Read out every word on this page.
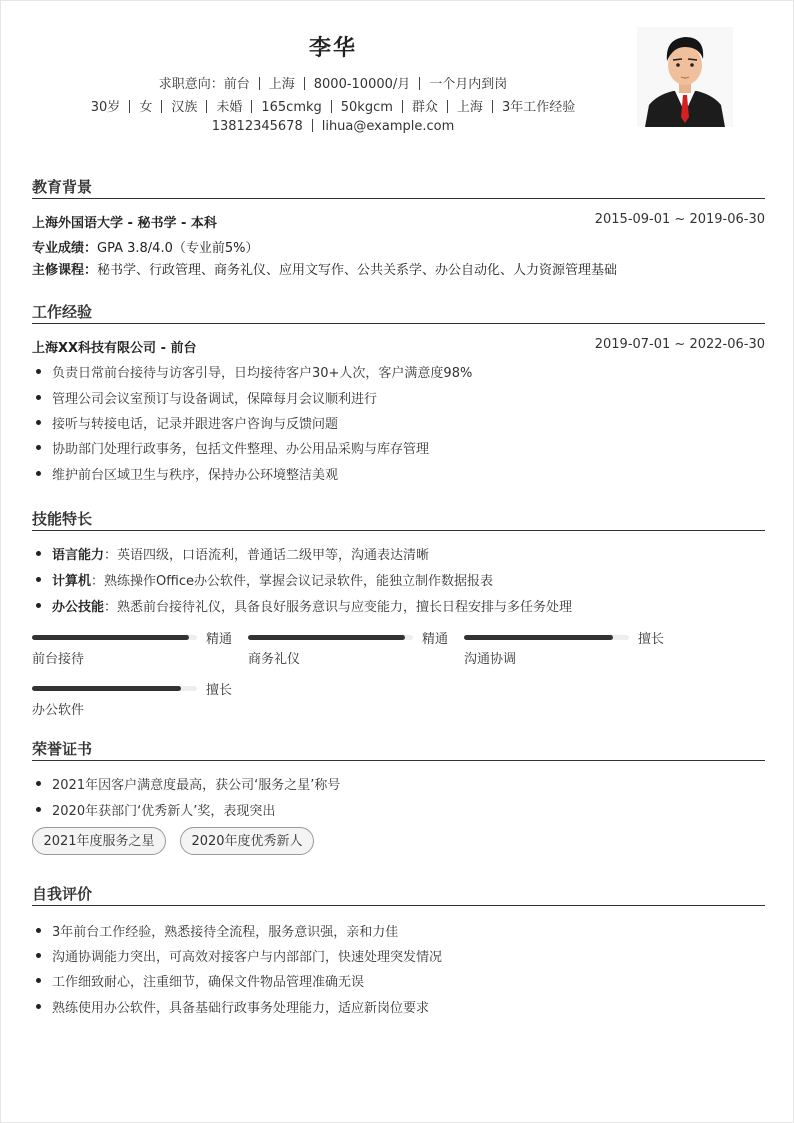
李华
求职意向：前台 上海 8000-10000/月 一个月内到岗
30岁 女 汉族 未婚 165cmkg 50kgcm 群众 上海 3年工作经验
13812345678 lihua@example.com
教育背景
上海外国语大学 - 秘书学 - 本科	2015-09-01 ~ 2019-06-30
专业成绩：GPA 3.8/4.0（专业前5%）
主修课程：秘书学、行政管理、商务礼仪、应用文写作、公共关系学、办公自动化、人力资源管理基础
工作经验
上海XX科技有限公司 - 前台	2019-07-01 ~ 2022-06-30
负责日常前台接待与访客引导，日均接待客户30+人次，客户满意度98%
管理公司会议室预订与设备调试，保障每月会议顺利进行
接听与转接电话，记录并跟进客户咨询与反馈问题
协助部门处理行政事务，包括文件整理、办公用品采购与库存管理
维护前台区域卫生与秩序，保持办公环境整洁美观
技能特长
语言能力：英语四级，口语流利，普通话二级甲等，沟通表达清晰
计算机：熟练操作Office办公软件，掌握会议记录软件，能独立制作数据报表
办公技能：熟悉前台接待礼仪，具备良好服务意识与应变能力，擅长日程安排与多任务处理
精通
前台接待
精通
商务礼仪
擅长
沟通协调
擅长
办公软件
荣誉证书
2021年因客户满意度最高，获公司‘服务之星’称号
2020年获部门‘优秀新人’奖，表现突出
2021年度服务之星	2020年度优秀新人
自我评价
3年前台工作经验，熟悉接待全流程，服务意识强，亲和力佳
沟通协调能力突出，可高效对接客户与内部部门，快速处理突发情况
工作细致耐心，注重细节，确保文件物品管理准确无误
熟练使用办公软件，具备基础行政事务处理能力，适应新岗位要求
